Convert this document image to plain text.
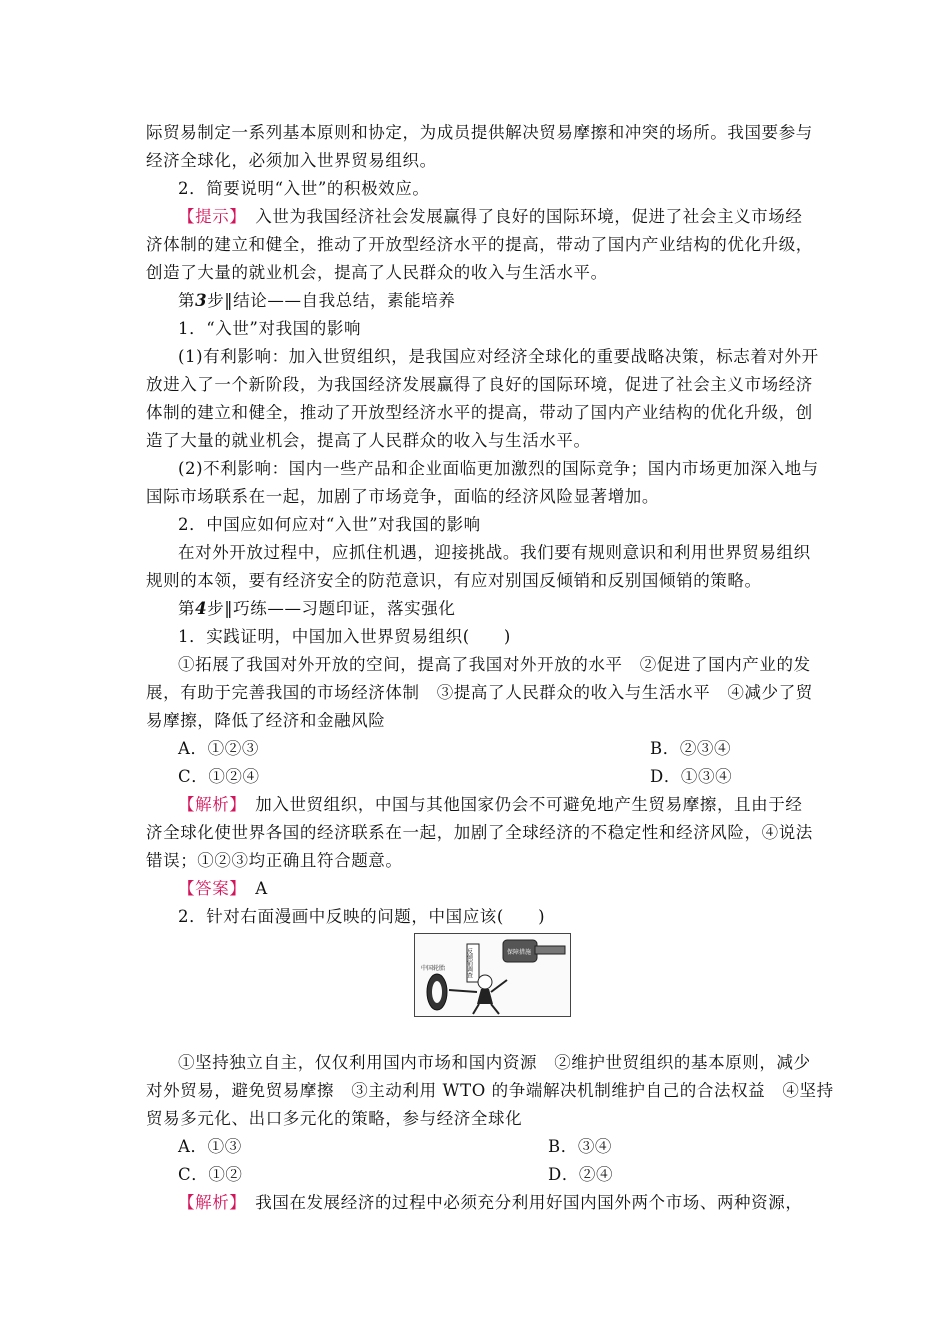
际贸易制定一系列基本原则和协定，为成员提供解决贸易摩擦和冲突的场所。我国要参与
经济全球化，必须加入世界贸易组织。
2．简要说明“入世”的积极效应。
【提示】　入世为我国经济社会发展赢得了良好的国际环境，促进了社会主义市场经
济体制的建立和健全，推动了开放型经济水平的提高，带动了国内产业结构的优化升级，
创造了大量的就业机会，提高了人民群众的收入与生活水平。
第3步‖结论——自我总结，素能培养
1．“入世”对我国的影响
(1)有利影响：加入世贸组织，是我国应对经济全球化的重要战略决策，标志着对外开
放进入了一个新阶段，为我国经济发展赢得了良好的国际环境，促进了社会主义市场经济
体制的建立和健全，推动了开放型经济水平的提高，带动了国内产业结构的优化升级，创
造了大量的就业机会，提高了人民群众的收入与生活水平。
(2)不利影响：国内一些产品和企业面临更加激烈的国际竞争；国内市场更加深入地与
国际市场联系在一起，加剧了市场竞争，面临的经济风险显著增加。
2．中国应如何应对“入世”对我国的影响
在对外开放过程中，应抓住机遇，迎接挑战。我们要有规则意识和利用世界贸易组织
规则的本领，要有经济安全的防范意识，有应对别国反倾销和反别国倾销的策略。
第4步‖巧练——习题印证，落实强化
1．实践证明，中国加入世界贸易组织(　　)
①拓展了我国对外开放的空间，提高了我国对外开放的水平　②促进了国内产业的发
展，有助于完善我国的市场经济体制　③提高了人民群众的收入与生活水平　④减少了贸
易摩擦，降低了经济和金融风险
A．①②③	B．②③④
C．①②④	D．①③④
【解析】　加入世贸组织，中国与其他国家仍会不可避免地产生贸易摩擦，且由于经
济全球化使世界各国的经济联系在一起，加剧了全球经济的不稳定性和经济风险，④说法
错误；①②③均正确且符合题意。
【答案】　A
2．针对右面漫画中反映的问题，中国应该(　　)
保障措施
反倾销调查
中国轮胎
①坚持独立自主，仅仅利用国内市场和国内资源　②维护世贸组织的基本原则，减少
对外贸易，避免贸易摩擦　③主动利用 WTO 的争端解决机制维护自己的合法权益　④坚持
贸易多元化、出口多元化的策略，参与经济全球化
A．①③	B．③④
C．①②	D．②④
【解析】　我国在发展经济的过程中必须充分利用好国内国外两个市场、两种资源，
